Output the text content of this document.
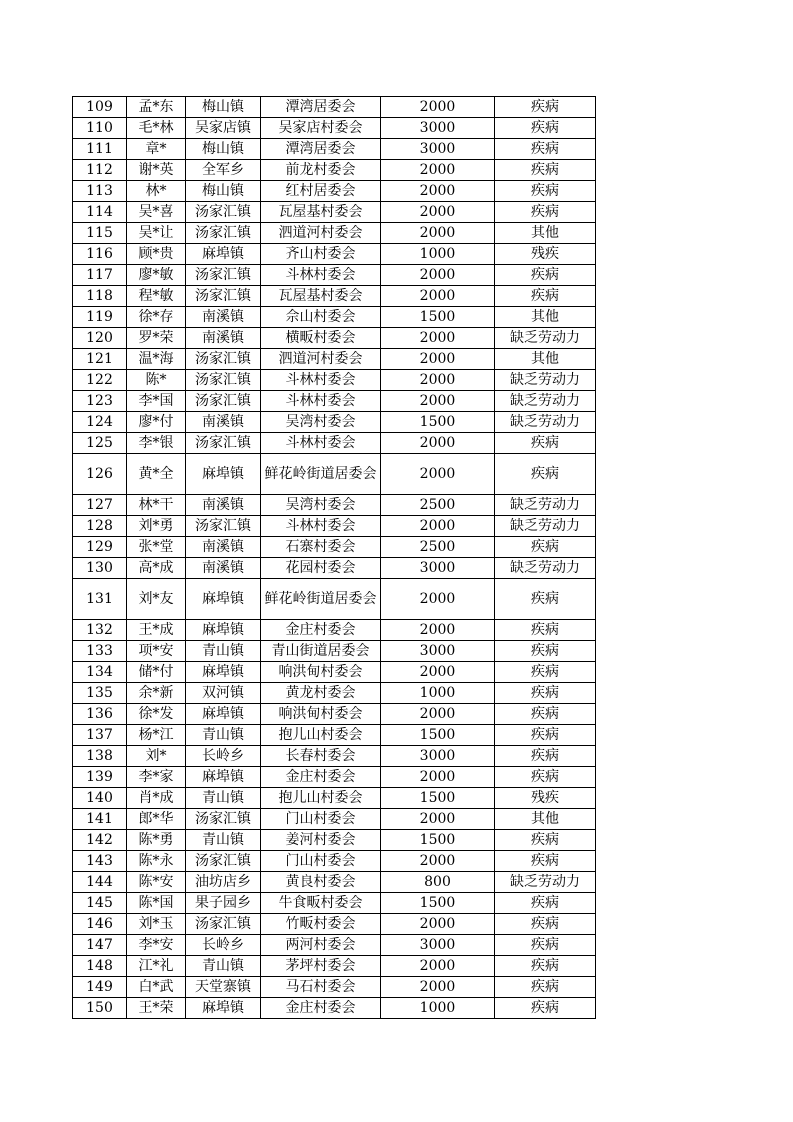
109	孟*东	梅山镇	潭湾居委会	2000	疾病
110	毛*林	吴家店镇	吴家店村委会	3000	疾病
111	章*	梅山镇	潭湾居委会	3000	疾病
112	谢*英	全军乡	前龙村委会	2000	疾病
113	林*	梅山镇	红村居委会	2000	疾病
114	吴*喜	汤家汇镇	瓦屋基村委会	2000	疾病
115	吴*让	汤家汇镇	泗道河村委会	2000	其他
116	顾*贵	麻埠镇	齐山村委会	1000	残疾
117	廖*敏	汤家汇镇	斗林村委会	2000	疾病
118	程*敏	汤家汇镇	瓦屋基村委会	2000	疾病
119	徐*存	南溪镇	佘山村委会	1500	其他
120	罗*荣	南溪镇	横畈村委会	2000	缺乏劳动力
121	温*海	汤家汇镇	泗道河村委会	2000	其他
122	陈*	汤家汇镇	斗林村委会	2000	缺乏劳动力
123	李*国	汤家汇镇	斗林村委会	2000	缺乏劳动力
124	廖*付	南溪镇	吴湾村委会	1500	缺乏劳动力
125	李*银	汤家汇镇	斗林村委会	2000	疾病
126	黄*全	麻埠镇	鲜花岭街道居委会	2000	疾病
127	林*干	南溪镇	吴湾村委会	2500	缺乏劳动力
128	刘*勇	汤家汇镇	斗林村委会	2000	缺乏劳动力
129	张*堂	南溪镇	石寨村委会	2500	疾病
130	高*成	南溪镇	花园村委会	3000	缺乏劳动力
131	刘*友	麻埠镇	鲜花岭街道居委会	2000	疾病
132	王*成	麻埠镇	金庄村委会	2000	疾病
133	项*安	青山镇	青山街道居委会	3000	疾病
134	储*付	麻埠镇	响洪甸村委会	2000	疾病
135	余*新	双河镇	黄龙村委会	1000	疾病
136	徐*发	麻埠镇	响洪甸村委会	2000	疾病
137	杨*江	青山镇	抱儿山村委会	1500	疾病
138	刘*	长岭乡	长春村委会	3000	疾病
139	李*家	麻埠镇	金庄村委会	2000	疾病
140	肖*成	青山镇	抱儿山村委会	1500	残疾
141	郎*华	汤家汇镇	门山村委会	2000	其他
142	陈*勇	青山镇	姜河村委会	1500	疾病
143	陈*永	汤家汇镇	门山村委会	2000	疾病
144	陈*安	油坊店乡	黄良村委会	800	缺乏劳动力
145	陈*国	果子园乡	牛食畈村委会	1500	疾病
146	刘*玉	汤家汇镇	竹畈村委会	2000	疾病
147	李*安	长岭乡	两河村委会	3000	疾病
148	江*礼	青山镇	茅坪村委会	2000	疾病
149	白*武	天堂寨镇	马石村委会	2000	疾病
150	王*荣	麻埠镇	金庄村委会	1000	疾病
